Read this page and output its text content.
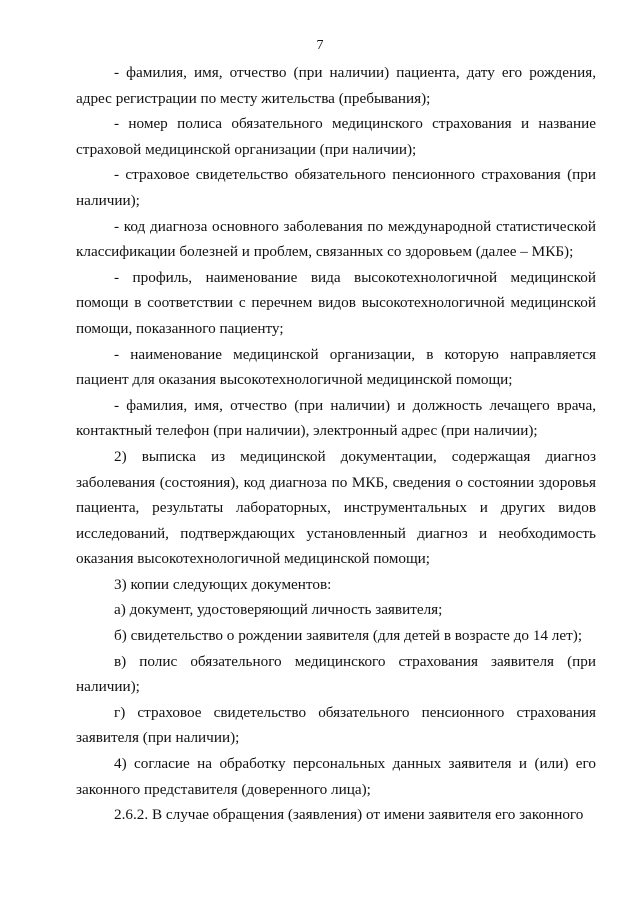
7

- фамилия, имя, отчество (при наличии) пациента, дату его рождения, адрес регистрации по месту жительства (пребывания);

- номер полиса обязательного медицинского страхования и название страховой медицинской организации (при наличии);

- страховое свидетельство обязательного пенсионного страхования (при наличии);

- код диагноза основного заболевания по международной статистической классификации болезней и проблем, связанных со здоровьем (далее – МКБ);

- профиль, наименование вида высокотехнологичной медицинской помощи в соответствии с перечнем видов высокотехнологичной медицинской помощи, показанного пациенту;

- наименование медицинской организации, в которую направляется пациент для оказания высокотехнологичной медицинской помощи;

- фамилия, имя, отчество (при наличии) и должность лечащего врача, контактный телефон (при наличии), электронный адрес (при наличии);

2) выписка из медицинской документации, содержащая диагноз заболевания (состояния), код диагноза по МКБ, сведения о состоянии здоровья пациента, результаты лабораторных, инструментальных и других видов исследований, подтверждающих установленный диагноз и необходимость оказания высокотехнологичной медицинской помощи;

3) копии следующих документов:

а) документ, удостоверяющий личность заявителя;

б) свидетельство о рождении заявителя (для детей в возрасте до 14 лет);

в) полис обязательного медицинского страхования заявителя (при наличии);

г) страховое свидетельство обязательного пенсионного страхования заявителя (при наличии);

4) согласие на обработку персональных данных заявителя и (или) его законного представителя (доверенного лица);

2.6.2. В случае обращения (заявления) от имени заявителя его законного
